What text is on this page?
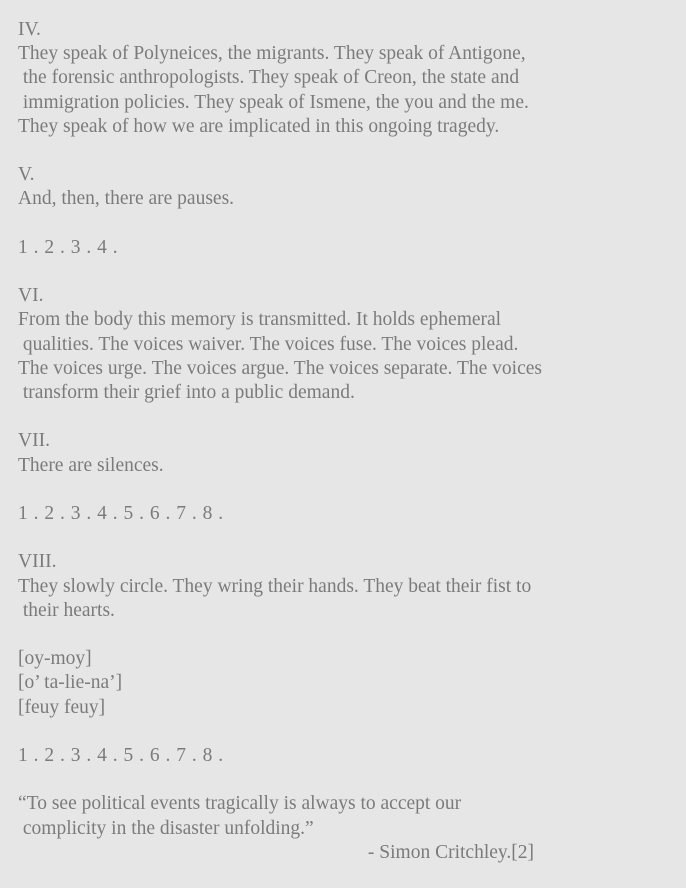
IV.
They speak of Polyneices, the migrants. They speak of Antigone,
the forensic anthropologists. They speak of Creon, the state and
immigration policies. They speak of Ismene, the you and the me.
They speak of how we are implicated in this ongoing tragedy.
V.
And, then, there are pauses.
1 . 2 . 3 . 4 .
VI.
From the body this memory is transmitted. It holds ephemeral
qualities. The voices waiver. The voices fuse. The voices plead.
The voices urge. The voices argue. The voices separate. The voices
transform their grief into a public demand.
VII.
There are silences.
1 . 2 . 3 . 4 . 5 . 6 . 7 . 8 .
VIII.
They slowly circle. They wring their hands. They beat their fist to
their hearts.
[oy-moy]
[o’ ta-lie-na’]
[feuy feuy]
1 . 2 . 3 . 4 . 5 . 6 . 7 . 8 .
“To see political events tragically is always to accept our
complicity in the disaster unfolding.”
- Simon Critchley.[2]
